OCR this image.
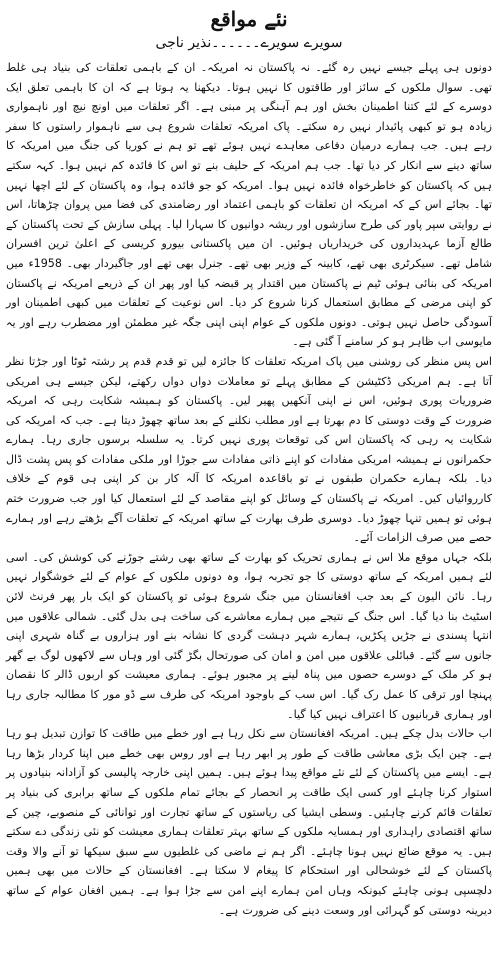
نئے مواقع
سویرے سویرے۔۔۔۔۔۔نذیر ناجی

دونوں ہی پہلے جیسے نہیں رہ گئے۔ نہ پاکستان نہ امریکہ۔ ان کے باہمی تعلقات کی بنیاد ہی غلط تھی۔ سوال ملکوں کے سائز اور طاقتوں کا نہیں ہوتا۔ دیکھنا یہ ہوتا ہے کہ ان کا باہمی تعلق ایک دوسرے کے لئے کتنا اطمینان بخش اور ہم آہنگی پر مبنی ہے۔ اگر تعلقات میں اونچ نیچ اور ناہمواری زیادہ ہو تو کبھی پائیدار نہیں رہ سکتے۔ پاک امریکہ تعلقات شروع ہی سے ناہموار راستوں کا سفر رہے ہیں۔ جب ہمارے درمیان دفاعی معاہدے نہیں ہوئے تھے تو ہم نے کوریا کی جنگ میں امریکہ کا ساتھ دینے سے انکار کر دیا تھا۔ جب ہم امریکہ کے حلیف بنے تو اس کا فائدہ کم نہیں ہوا۔ کہہ سکتے ہیں کہ پاکستان کو خاطرخواہ فائدہ نہیں ہوا۔ امریکہ کو جو فائدہ ہوا، وہ پاکستان کے لئے اچھا نہیں تھا۔ بجائے اس کے کہ امریکہ ان تعلقات کو باہمی اعتماد اور رضامندی کی فضا میں پروان چڑھاتا، اس نے روایتی سپر پاور کی طرح سازشوں اور ریشہ دوانیوں کا سہارا لیا۔ پہلی سازش کے تحت پاکستان کے طالع آزما عہدیداروں کی خریداریاں ہوئیں۔ ان میں پاکستانی بیورو کریسی کے اعلیٰ ترین افسران شامل تھے۔ سیکرٹری بھی تھے، کابینہ کے وزیر بھی تھے۔ جنرل بھی تھے اور جاگیردار بھی۔ 1958ء میں امریکہ کی بنائی ہوئی ٹیم نے پاکستان میں اقتدار پر قبضہ کیا اور پھر ان کے ذریعے امریکہ نے پاکستان کو اپنی مرضی کے مطابق استعمال کرنا شروع کر دیا۔ اس نوعیت کے تعلقات میں کبھی اطمینان اور آسودگی حاصل نہیں ہوتی۔ دونوں ملکوں کے عوام اپنی اپنی جگہ غیر مطمئن اور مضطرب رہے اور یہ مایوسی اب ظاہر ہو کر سامنے آ گئی ہے۔

اس پس منظر کی روشنی میں پاک امریکہ تعلقات کا جائزہ لیں تو قدم قدم پر رشتہ ٹوٹا اور جڑتا نظر آتا ہے۔ ہم امریکی ڈکٹیشن کے مطابق پہلے تو معاملات دواں دواں رکھتے، لیکن جیسے ہی امریکی ضروریات پوری ہوئیں، اس نے اپنی آنکھیں پھیر لیں۔ پاکستان کو ہمیشہ شکایت رہی کہ امریکہ ضرورت کے وقت دوستی کا دم بھرتا ہے اور مطلب نکلنے کے بعد ساتھ چھوڑ دیتا ہے۔ جب کہ امریکہ کی شکایت یہ رہی کہ پاکستان اس کی توقعات پوری نہیں کرتا۔ یہ سلسلہ برسوں جاری رہا۔ ہمارے حکمرانوں نے ہمیشہ امریکی مفادات کو اپنے ذاتی مفادات سے جوڑا اور ملکی مفادات کو پس پشت ڈال دیا۔ بلکہ ہمارے حکمران طبقوں نے تو باقاعدہ امریکہ کا آلہ کار بن کر اپنی ہی قوم کے خلاف کارروائیاں کیں۔ امریکہ نے پاکستان کے وسائل کو اپنے مقاصد کے لئے استعمال کیا اور جب ضرورت ختم ہوئی تو ہمیں تنہا چھوڑ دیا۔ دوسری طرف بھارت کے ساتھ امریکہ کے تعلقات آگے بڑھتے رہے اور ہمارے حصے میں صرف الزامات آئے۔

بلکہ جہاں موقع ملا اس نے ہماری تحریک کو بھارت کے ساتھ بھی رشتے جوڑنے کی کوشش کی۔ اسی لئے ہمیں امریکہ کے ساتھ دوستی کا جو تجربہ ہوا، وہ دونوں ملکوں کے عوام کے لئے خوشگوار نہیں رہا۔ نائن الیون کے بعد جب افغانستان میں جنگ شروع ہوئی تو پاکستان کو ایک بار پھر فرنٹ لائن اسٹیٹ بنا دیا گیا۔ اس جنگ کے نتیجے میں ہمارے معاشرے کی ساخت ہی بدل گئی۔ شمالی علاقوں میں انتہا پسندی نے جڑیں پکڑیں، ہمارے شہر دہشت گردی کا نشانہ بنے اور ہزاروں بے گناہ شہری اپنی جانوں سے گئے۔ قبائلی علاقوں میں امن و امان کی صورتحال بگڑ گئی اور وہاں سے لاکھوں لوگ بے گھر ہو کر ملک کے دوسرے حصوں میں پناہ لینے پر مجبور ہوئے۔ ہماری معیشت کو اربوں ڈالر کا نقصان پہنچا اور ترقی کا عمل رک گیا۔ اس سب کے باوجود امریکہ کی طرف سے ڈو مور کا مطالبہ جاری رہا اور ہماری قربانیوں کا اعتراف نہیں کیا گیا۔

اب حالات بدل چکے ہیں۔ امریکہ افغانستان سے نکل رہا ہے اور خطے میں طاقت کا توازن تبدیل ہو رہا ہے۔ چین ایک بڑی معاشی طاقت کے طور پر ابھر رہا ہے اور روس بھی خطے میں اپنا کردار بڑھا رہا ہے۔ ایسے میں پاکستان کے لئے نئے مواقع پیدا ہوئے ہیں۔ ہمیں اپنی خارجہ پالیسی کو آزادانہ بنیادوں پر استوار کرنا چاہئے اور کسی ایک طاقت پر انحصار کے بجائے تمام ملکوں کے ساتھ برابری کی بنیاد پر تعلقات قائم کرنے چاہئیں۔ وسطی ایشیا کی ریاستوں کے ساتھ تجارت اور توانائی کے منصوبے، چین کے ساتھ اقتصادی راہداری اور ہمسایہ ملکوں کے ساتھ بہتر تعلقات ہماری معیشت کو نئی زندگی دے سکتے ہیں۔ یہ موقع ضائع نہیں ہونا چاہئے۔ اگر ہم نے ماضی کی غلطیوں سے سبق سیکھا تو آنے والا وقت پاکستان کے لئے خوشحالی اور استحکام کا پیغام لا سکتا ہے۔ افغانستان کے حالات میں بھی ہمیں دلچسپی ہونی چاہئے کیونکہ وہاں امن ہمارے اپنے امن سے جڑا ہوا ہے۔ ہمیں افغان عوام کے ساتھ دیرینہ دوستی کو گہرائی اور وسعت دینے کی ضرورت ہے۔
